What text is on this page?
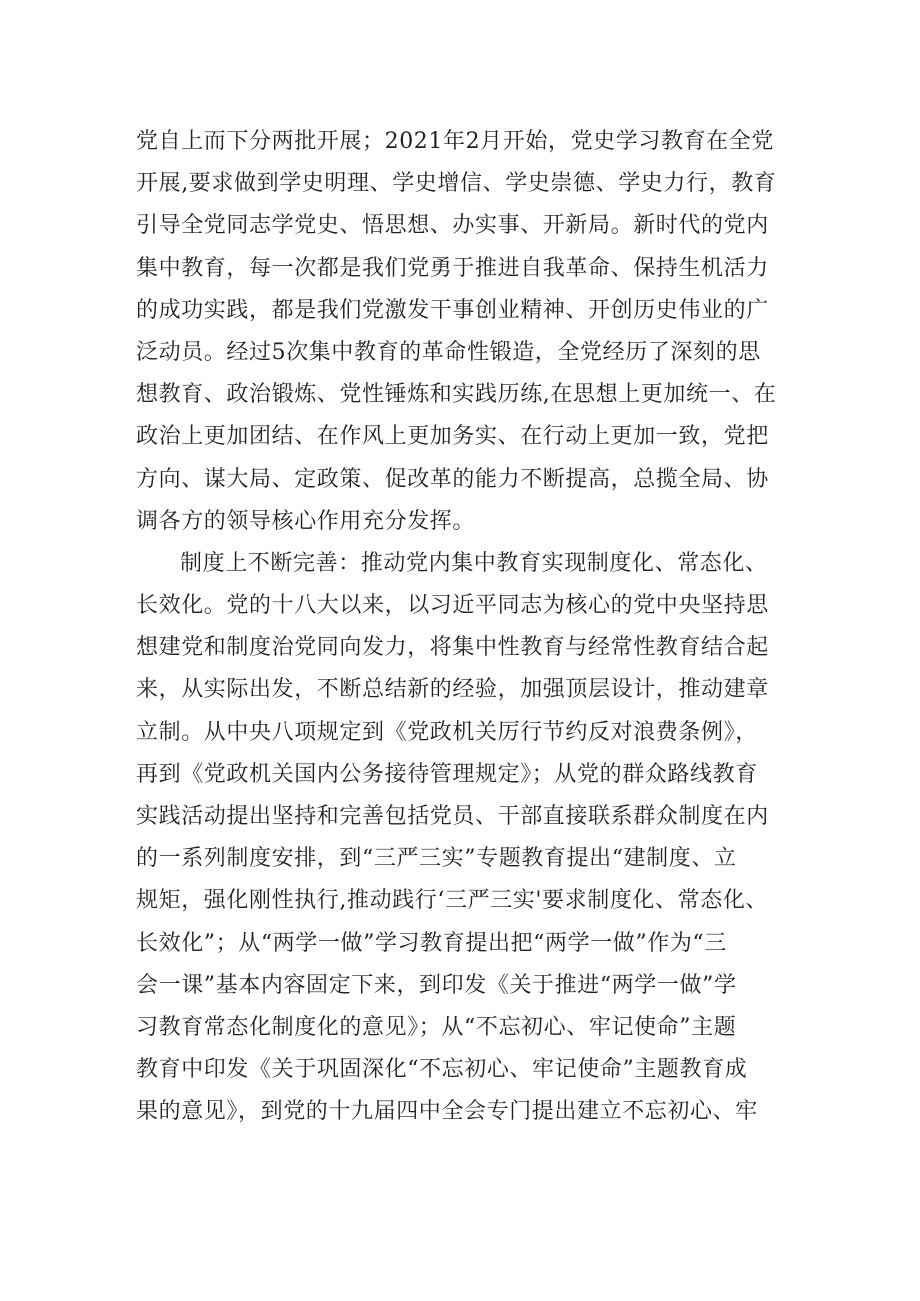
党自上而下分两批开展；2021年2月开始，党史学习教育在全党
开展,要求做到学史明理、学史增信、学史崇德、学史力行，教育
引导全党同志学党史、悟思想、办实事、开新局。新时代的党内
集中教育，每一次都是我们党勇于推进自我革命、保持生机活力
的成功实践，都是我们党激发干事创业精神、开创历史伟业的广
泛动员。经过5次集中教育的革命性锻造，全党经历了深刻的思
想教育、政治锻炼、党性锤炼和实践历练,在思想上更加统一、在
政治上更加团结、在作风上更加务实、在行动上更加一致，党把
方向、谋大局、定政策、促改革的能力不断提高，总揽全局、协
调各方的领导核心作用充分发挥。
制度上不断完善：推动党内集中教育实现制度化、常态化、
长效化。党的十八大以来，以习近平同志为核心的党中央坚持思
想建党和制度治党同向发力，将集中性教育与经常性教育结合起
来，从实际出发，不断总结新的经验，加强顶层设计，推动建章
立制。从中央八项规定到《党政机关厉行节约反对浪费条例》，
再到《党政机关国内公务接待管理规定》；从党的群众路线教育
实践活动提出坚持和完善包括党员、干部直接联系群众制度在内
的一系列制度安排，到“三严三实”专题教育提出“建制度、立
规矩，强化刚性执行,推动践行‘三严三实'要求制度化、常态化、
长效化”；从“两学一做”学习教育提出把“两学一做”作为“三
会一课”基本内容固定下来，到印发《关于推进“两学一做”学
习教育常态化制度化的意见》；从“不忘初心、牢记使命”主题
教育中印发《关于巩固深化“不忘初心、牢记使命”主题教育成
果的意见》，到党的十九届四中全会专门提出建立不忘初心、牢
